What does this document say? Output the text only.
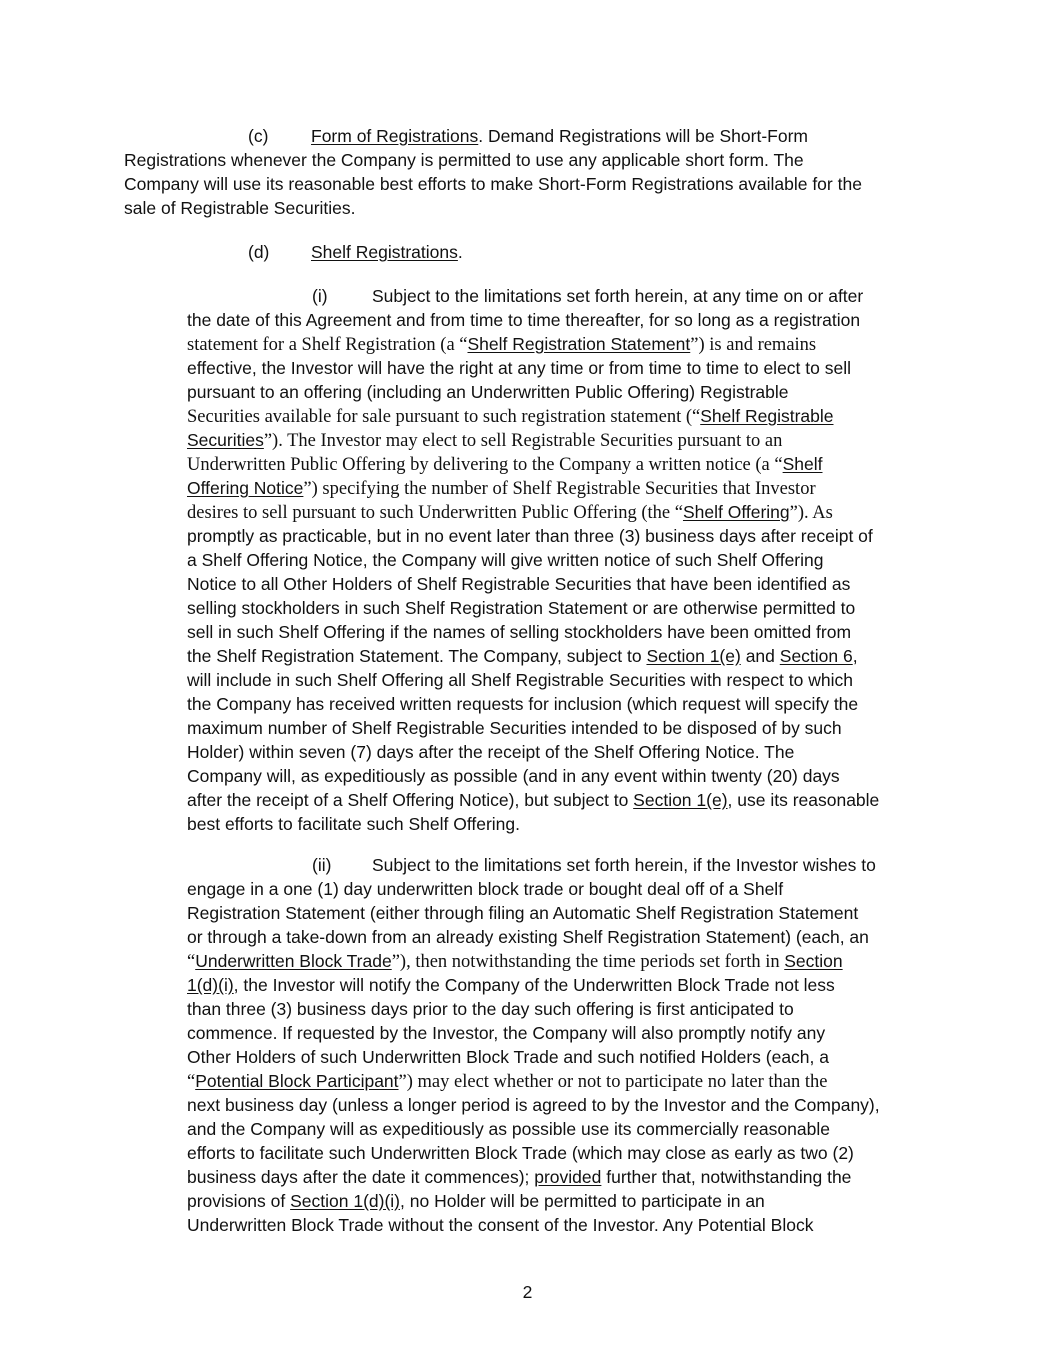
(c) Form of Registrations. Demand Registrations will be Short-Form
Registrations whenever the Company is permitted to use any applicable short form. The
Company will use its reasonable best efforts to make Short-Form Registrations available for the
sale of Registrable Securities.
(d) Shelf Registrations.
(i)	Subject to the limitations set forth herein, at any time on or after
the date of this Agreement and from time to time thereafter, for so long as a registration
statement for a Shelf Registration (a “Shelf Registration Statement”) is and remains
effective, the Investor will have the right at any time or from time to time to elect to sell
pursuant to an offering (including an Underwritten Public Offering) Registrable
Securities available for sale pursuant to such registration statement (“Shelf Registrable
Securities”). The Investor may elect to sell Registrable Securities pursuant to an
Underwritten Public Offering by delivering to the Company a written notice (a “Shelf
Offering Notice”) specifying the number of Shelf Registrable Securities that Investor
desires to sell pursuant to such Underwritten Public Offering (the “Shelf Offering”). As
promptly as practicable, but in no event later than three (3) business days after receipt of
a Shelf Offering Notice, the Company will give written notice of such Shelf Offering
Notice to all Other Holders of Shelf Registrable Securities that have been identified as
selling stockholders in such Shelf Registration Statement or are otherwise permitted to
sell in such Shelf Offering if the names of selling stockholders have been omitted from
the Shelf Registration Statement. The Company, subject to Section 1(e) and Section 6,
will include in such Shelf Offering all Shelf Registrable Securities with respect to which
the Company has received written requests for inclusion (which request will specify the
maximum number of Shelf Registrable Securities intended to be disposed of by such
Holder) within seven (7) days after the receipt of the Shelf Offering Notice. The
Company will, as expeditiously as possible (and in any event within twenty (20) days
after the receipt of a Shelf Offering Notice), but subject to Section 1(e), use its reasonable
best efforts to facilitate such Shelf Offering.
(ii) Subject to the limitations set forth herein, if the Investor wishes to
engage in a one (1) day underwritten block trade or bought deal off of a Shelf
Registration Statement (either through filing an Automatic Shelf Registration Statement
or through a take-down from an already existing Shelf Registration Statement) (each, an
“Underwritten Block Trade”), then notwithstanding the time periods set forth in Section
1(d)(i), the Investor will notify the Company of the Underwritten Block Trade not less
than three (3) business days prior to the day such offering is first anticipated to
commence. If requested by the Investor, the Company will also promptly notify any
Other Holders of such Underwritten Block Trade and such notified Holders (each, a
“Potential Block Participant”) may elect whether or not to participate no later than the
next business day (unless a longer period is agreed to by the Investor and the Company),
and the Company will as expeditiously as possible use its commercially reasonable
efforts to facilitate such Underwritten Block Trade (which may close as early as two (2)
business days after the date it commences); provided further that, notwithstanding the
provisions of Section 1(d)(i), no Holder will be permitted to participate in an
Underwritten Block Trade without the consent of the Investor. Any Potential Block
2
